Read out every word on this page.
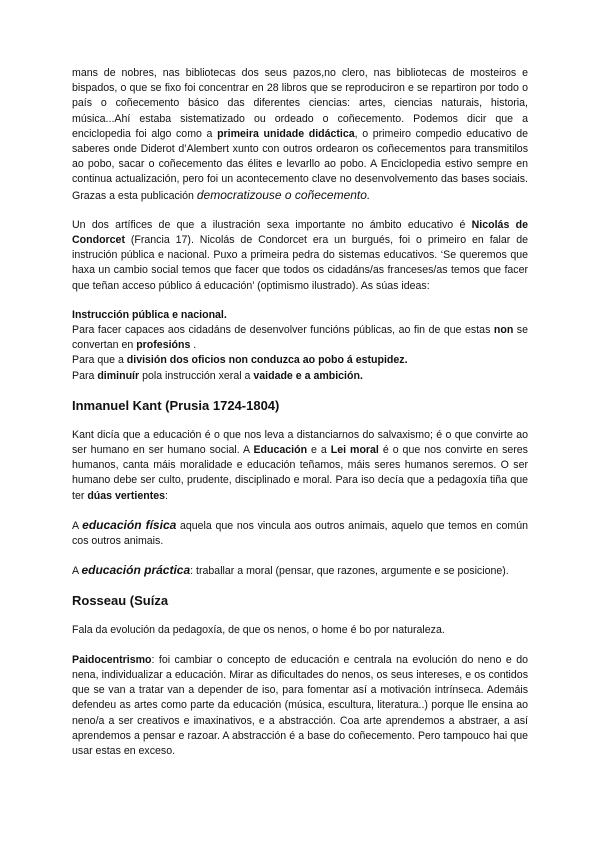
mans de nobres, nas bibliotecas dos seus pazos,no clero, nas bibliotecas de mosteiros e bispados, o que se fixo foi concentrar en 28 libros que se reproduciron e se repartiron por todo o país o coñecemento básico das diferentes ciencias: artes, ciencias naturais, historia, música...Ahí estaba sistematizado ou ordeado o coñecemento. Podemos dicir que a enciclopedia foi algo como a primeira unidade didáctica, o primeiro compedio educativo de saberes onde Diderot d’Alembert xunto con outros ordearon os coñecementos para transmitilos ao pobo, sacar o coñecemento das élites e levarllo ao pobo. A Enciclopedia estivo sempre en continua actualización, pero foi un acontecemento clave no desenvolvemento das bases sociais. Grazas a esta publicación democratizouse o coñecemento.

Un dos artífices de que a ilustración sexa importante no ámbito educativo é Nicolás de Condorcet (Francia 17). Nicolás de Condorcet era un burgués, foi o primeiro en falar de instrución pública e nacional. Puxo a primeira pedra do sistemas educativos. ‘Se queremos que haxa un cambio social temos que facer que todos os cidadáns/as franceses/as temos que facer que teñan acceso público á educación’ (optimismo ilustrado). As súas ideas:

Instrucción pública e nacional.

Para facer capaces aos cidadáns de desenvolver funcións públicas, ao fin de que estas non se convertan en profesións .

Para que a división dos oficios non conduzca ao pobo á estupidez.

Para diminuír pola instrucción xeral a vaidade e a ambición.

Inmanuel Kant (Prusia 1724-1804)

Kant dicía que a educación é o que nos leva a distanciarnos do salvaxismo; é o que convirte ao ser humano en ser humano social. A Educación e a Lei moral é o que nos convirte en seres humanos, canta máis moralidade e educación teñamos, máis seres humanos seremos. O ser humano debe ser culto, prudente, disciplinado e moral. Para iso decía que a pedagoxía tiña que ter dúas vertientes:

A educación física aquela que nos vincula aos outros animais, aquelo que temos en común cos outros animais.

A educación práctica: traballar a moral (pensar, que razones, argumente e se posicione).

Rosseau (Suíza

Fala da evolución da pedagoxía, de que os nenos, o home é bo por naturaleza.

Paidocentrismo: foi cambiar o concepto de educación e centrala na evolución do neno e do nena, individualizar a educación. Mirar as dificultades do nenos, os seus intereses, e os contidos que se van a tratar van a depender de iso, para fomentar así a motivación intrínseca. Ademáis defendeu as artes como parte da educación (música, escultura, literatura..) porque lle ensina ao neno/a a ser creativos e imaxinativos, e a abstracción. Coa arte aprendemos a abstraer, a así aprendemos a pensar e razoar. A abstracción é a base do coñecemento. Pero tampouco hai que usar estas en exceso.
